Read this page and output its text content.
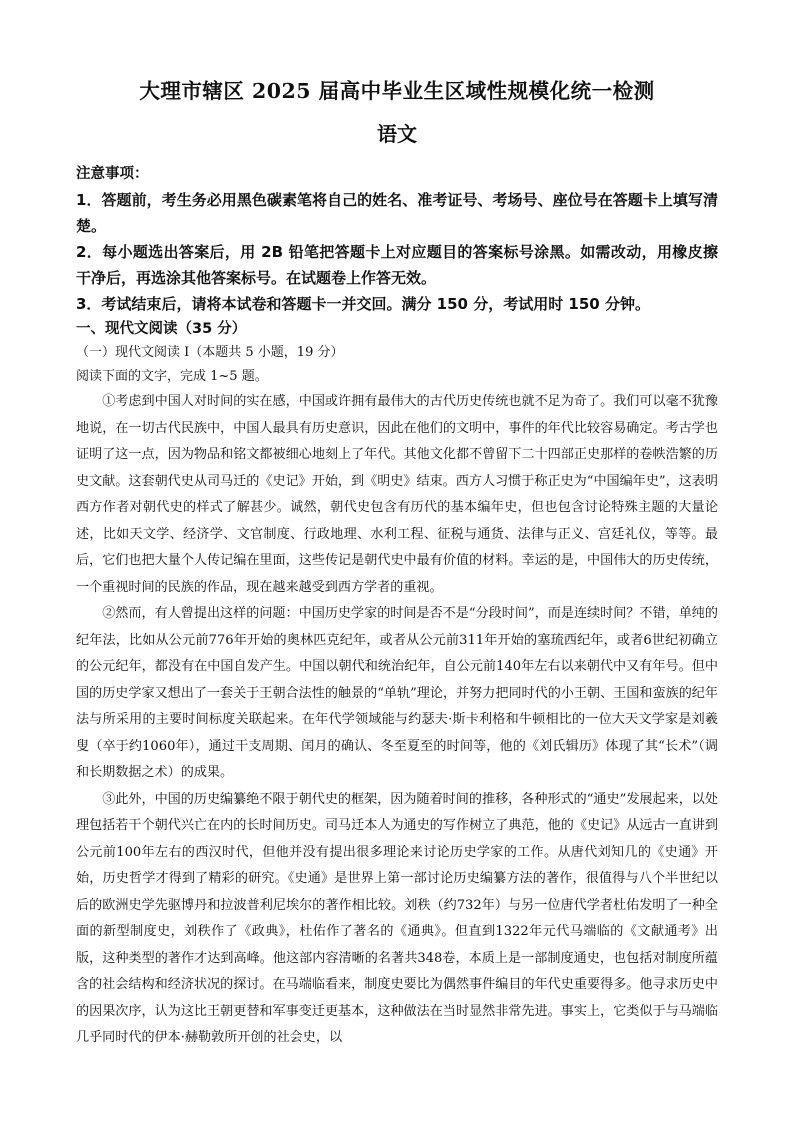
大理市辖区 2025 届高中毕业生区域性规模化统一检测
语文

注意事项：

1．答题前，考生务必用黑色碳素笔将自己的姓名、准考证号、考场号、座位号在答题卡上填写清楚。

2．每小题选出答案后，用 2B 铅笔把答题卡上对应题目的答案标号涂黑。如需改动，用橡皮擦干净后，再选涂其他答案标号。在试题卷上作答无效。

3．考试结束后，请将本试卷和答题卡一并交回。满分 150 分，考试用时 150 分钟。

一、现代文阅读（35 分）

（一）现代文阅读 I（本题共 5 小题，19 分）

阅读下面的文字，完成 1~5 题。

①考虑到中国人对时间的实在感，中国或许拥有最伟大的古代历史传统也就不足为奇了。我们可以毫不犹豫地说，在一切古代民族中，中国人最具有历史意识，因此在他们的文明中，事件的年代比较容易确定。考古学也证明了这一点，因为物品和铭文都被细心地刻上了年代。其他文化都不曾留下二十四部正史那样的卷帙浩繁的历史文献。这套朝代史从司马迁的《史记》开始，到《明史》结束。西方人习惯于称正史为“中国编年史”，这表明西方作者对朝代史的样式了解甚少。诚然，朝代史包含有历代的基本编年史，但也包含讨论特殊主题的大量论述，比如天文学、经济学、文官制度、行政地理、水利工程、征税与通货、法律与正义、宫廷礼仪，等等。最后，它们也把大量个人传记编在里面，这些传记是朝代史中最有价值的材料。幸运的是，中国伟大的历史传统，一个重视时间的民族的作品，现在越来越受到西方学者的重视。

②然而，有人曾提出这样的问题：中国历史学家的时间是否不是“分段时间”，而是连续时间？不错，单纯的纪年法，比如从公元前776年开始的奥林匹克纪年，或者从公元前311年开始的塞琉西纪年，或者6世纪初确立的公元纪年，都没有在中国自发产生。中国以朝代和统治纪年，自公元前140年左右以来朝代中又有年号。但中国的历史学家又想出了一套关于王朝合法性的触景的“单轨”理论，并努力把同时代的小王朝、王国和蛮族的纪年法与所采用的主要时间标度关联起来。在年代学领域能与约瑟夫·斯卡利格和牛顿相比的一位大天文学家是刘羲叟（卒于约1060年），通过干支周期、闰月的确认、冬至夏至的时间等，他的《刘氏辑历》体现了其“长术”（调和长期数据之术）的成果。

③此外，中国的历史编纂绝不限于朝代史的框架，因为随着时间的推移，各种形式的“通史”发展起来，以处理包括若干个朝代兴亡在内的长时间历史。司马迁本人为通史的写作树立了典范，他的《史记》从远古一直讲到公元前100年左右的西汉时代，但他并没有提出很多理论来讨论历史学家的工作。从唐代刘知几的《史通》开始，历史哲学才得到了精彩的研究。《史通》是世界上第一部讨论历史编纂方法的著作，很值得与八个半世纪以后的欧洲史学先驱博丹和拉波普利尼埃尔的著作相比较。刘秩（约732年）与另一位唐代学者杜佑发明了一种全面的新型制度史，刘秩作了《政典》，杜佑作了著名的《通典》。但直到1322年元代马端临的《文献通考》出版，这种类型的著作才达到高峰。他这部内容清晰的名著共348卷，本质上是一部制度通史，也包括对制度所蕴含的社会结构和经济状况的探讨。在马端临看来，制度史要比为偶然事件编目的年代史重要得多。他寻求历史中的因果次序，认为这比王朝更替和军事变迁更基本，这种做法在当时显然非常先进。事实上，它类似于与马端临几乎同时代的伊本·赫勒敦所开创的社会史，以
